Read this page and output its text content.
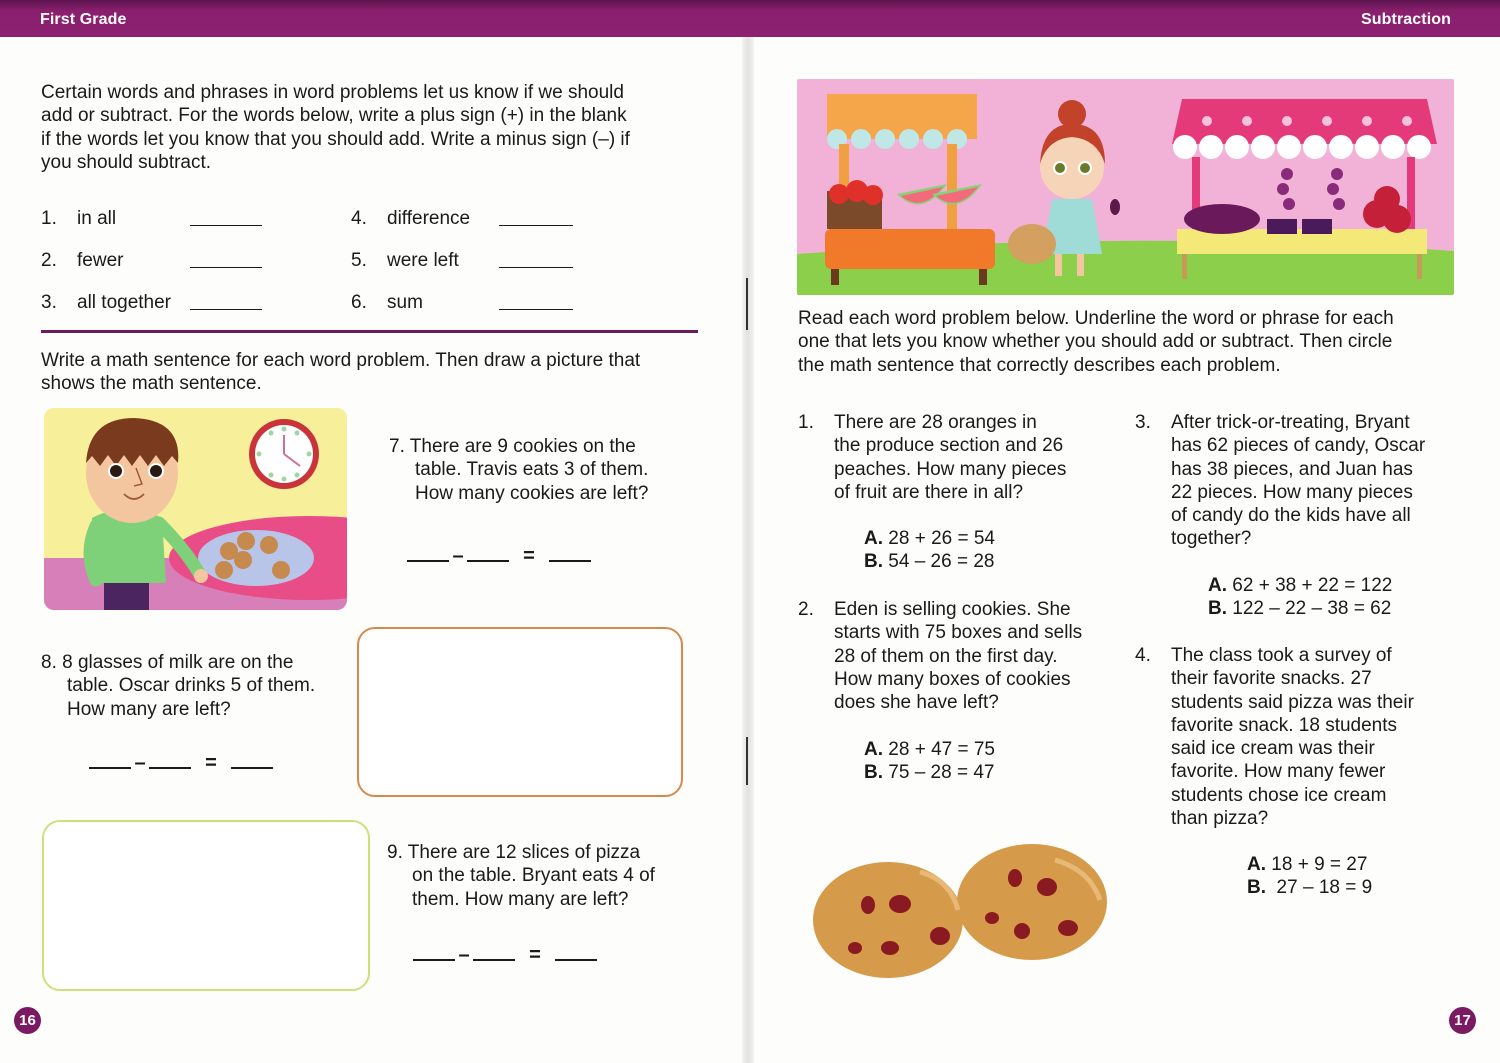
First Grade	Subtraction
Certain words and phrases in word problems let us know if we should
add or subtract. For the words below, write a plus sign (+) in the blank
if the words let you know that you should add. Write a minus sign (–) if
you should subtract.
1. in all
2. fewer
3. all together
4. difference
5. were left
6. sum
Write a math sentence for each word problem. Then draw a picture that
shows the math sentence.
7. There are 9 cookies on the
table. Travis eats 3 of them.
How many cookies are left?
–	=
8. 8 glasses of milk are on the
table. Oscar drinks 5 of them.
How many are left?
–	=
9. There are 12 slices of pizza
on the table. Bryant eats 4 of
them. How many are left?
–	=
16
Read each word problem below. Underline the word or phrase for each
one that lets you know whether you should add or subtract. Then circle
the math sentence that correctly describes each problem.
1. There are 28 oranges in
the produce section and 26
peaches. How many pieces
of fruit are there in all?
A. 28 + 26 = 54
B. 54 – 26 = 28
2. Eden is selling cookies. She
starts with 75 boxes and sells
28 of them on the first day.
How many boxes of cookies
does she have left?
A. 28 + 47 = 75
B. 75 – 28 = 47
3. After trick-or-treating, Bryant
has 62 pieces of candy, Oscar
has 38 pieces, and Juan has
22 pieces. How many pieces
of candy do the kids have all
together?
A. 62 + 38 + 22 = 122
B. 122 – 22 – 38 = 62
4. The class took a survey of
their favorite snacks. 27
students said pizza was their
favorite snack. 18 students
said ice cream was their
favorite. How many fewer
students chose ice cream
than pizza?
A. 18 + 9 = 27
B.  27 – 18 = 9
17
